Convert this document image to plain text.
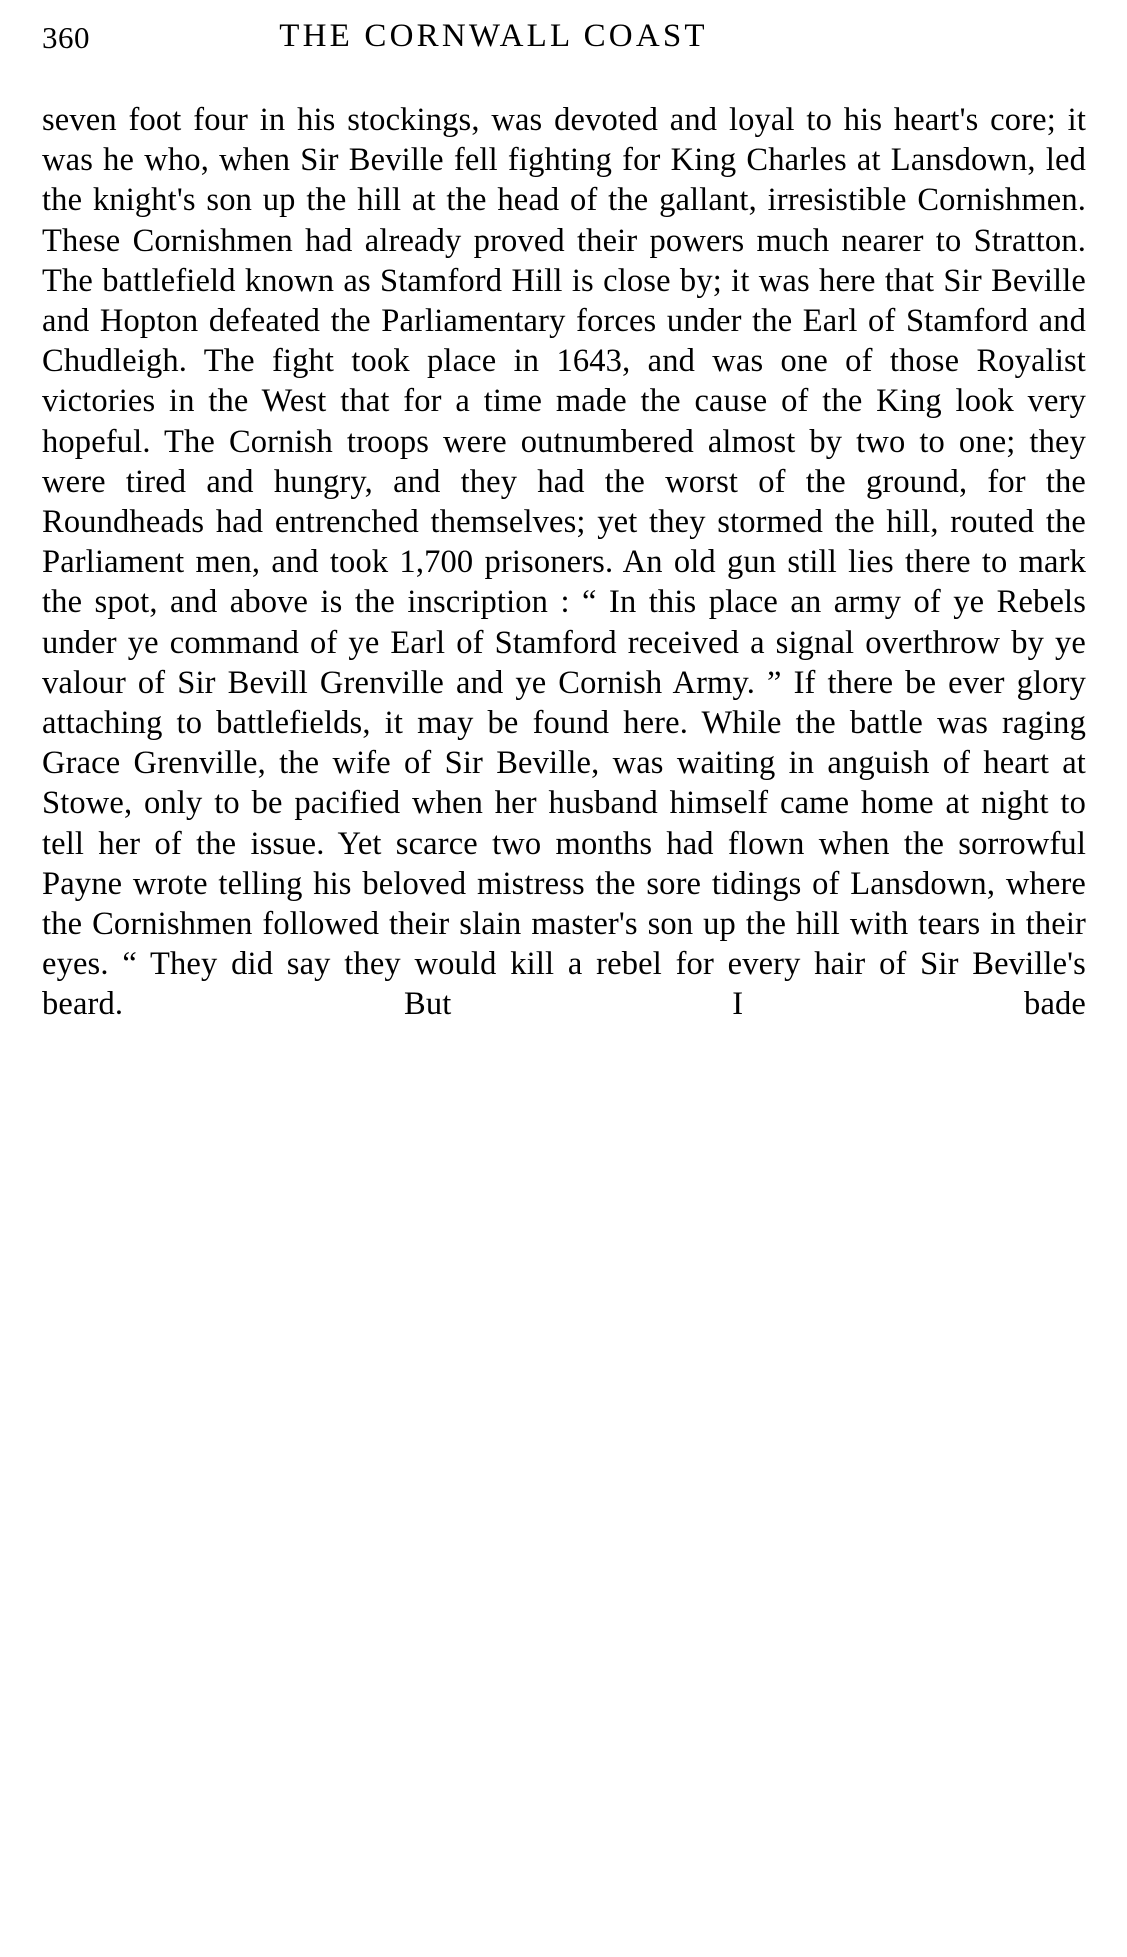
360	THE CORNWALL COAST

seven foot four in his stockings, was devoted and loyal to his heart's core; it was he who, when Sir Beville fell fighting for King Charles at Lansdown, led the knight's son up the hill at the head of the gallant, irresistible Cornishmen. These Cornishmen had already proved their powers much nearer to Stratton. The battlefield known as Stamford Hill is close by; it was here that Sir Beville and Hopton defeated the Parliamentary forces under the Earl of Stamford and Chudleigh. The fight took place in 1643, and was one of those Royalist victories in the West that for a time made the cause of the King look very hopeful. The Cornish troops were outnumbered almost by two to one; they were tired and hungry, and they had the worst of the ground, for the Roundheads had entrenched themselves; yet they stormed the hill, routed the Parliament men, and took 1,700 prisoners. An old gun still lies there to mark the spot, and above is the inscription : “ In this place an army of ye Rebels under ye command of ye Earl of Stamford received a signal overthrow by ye valour of Sir Bevill Grenville and ye Cornish Army. ” If there be ever glory attaching to battlefields, it may be found here. While the battle was raging Grace Grenville, the wife of Sir Beville, was waiting in anguish of heart at Stowe, only to be pacified when her husband himself came home at night to tell her of the issue. Yet scarce two months had flown when the sorrowful Payne wrote telling his beloved mistress the sore tidings of Lansdown, where the Cornishmen followed their slain master's son up the hill with tears in their eyes. “ They did say they would kill a rebel for every hair of Sir Beville's beard. But I bade
